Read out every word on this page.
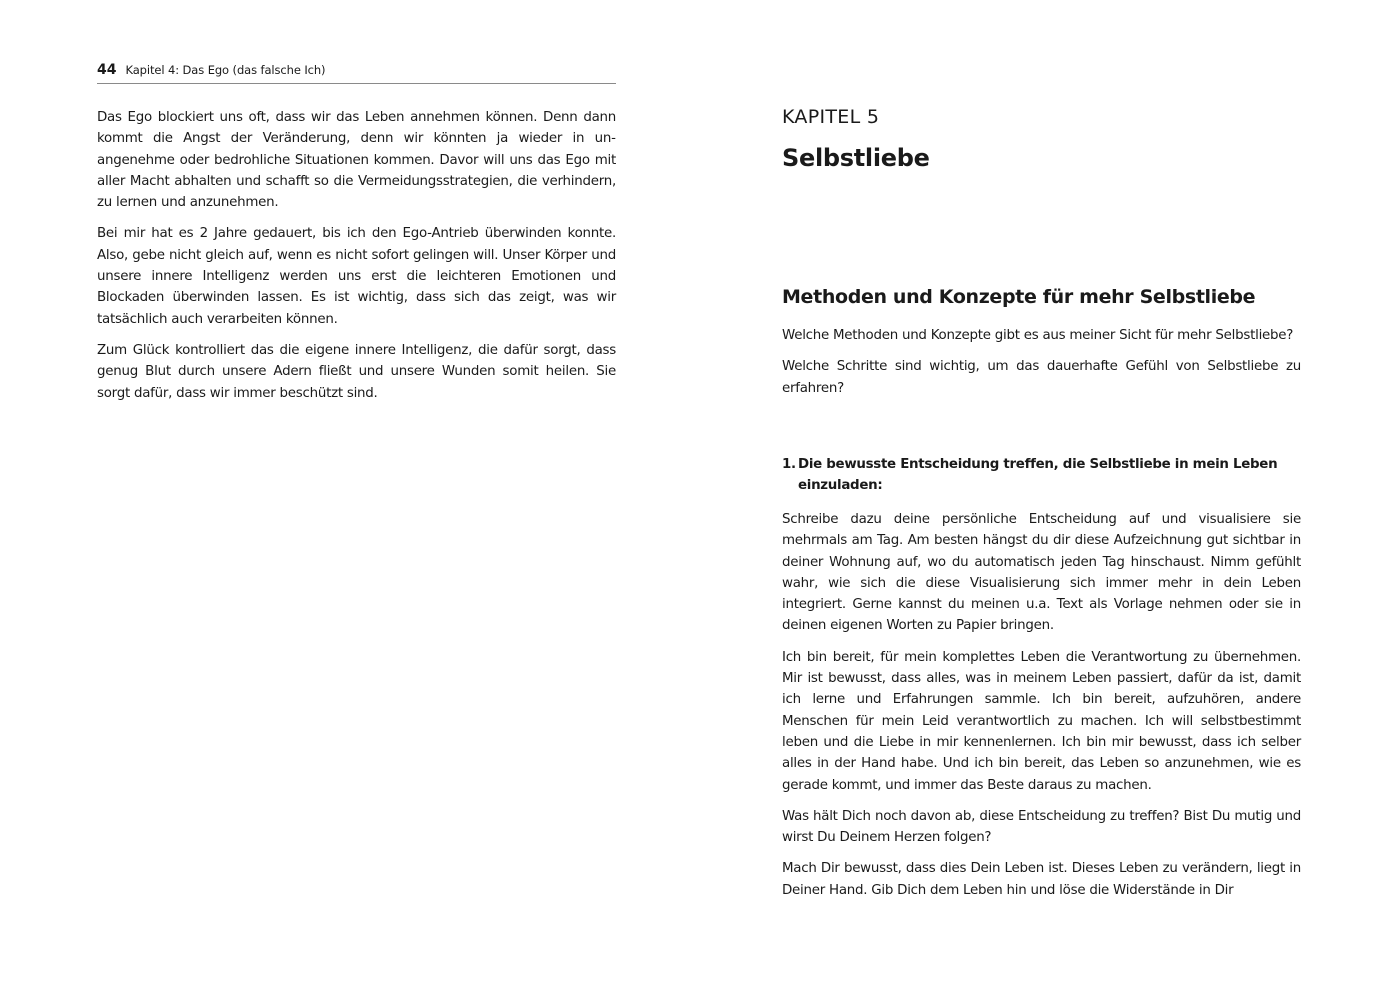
44 Kapitel 4: Das Ego (das falsche Ich)

Das Ego blockiert uns oft, dass wir das Leben annehmen können. Denn dann kommt die Angst der Veränderung, denn wir könnten ja wieder in unangenehme oder bedrohliche Situationen kommen. Davor will uns das Ego mit aller Macht abhalten und schafft so die Vermeidungsstrategien, die verhindern, zu lernen und anzunehmen.

Bei mir hat es 2 Jahre gedauert, bis ich den Ego-Antrieb überwinden konnte. Also, gebe nicht gleich auf, wenn es nicht sofort gelingen will. Unser Körper und unsere innere Intelligenz werden uns erst die leichteren Emotionen und Blockaden überwinden lassen. Es ist wichtig, dass sich das zeigt, was wir tatsächlich auch verarbeiten können.

Zum Glück kontrolliert das die eigene innere Intelligenz, die dafür sorgt, dass genug Blut durch unsere Adern fließt und unsere Wunden somit heilen. Sie sorgt dafür, dass wir immer beschützt sind.

KAPITEL 5
Selbstliebe
Methoden und Konzepte für mehr Selbstliebe

Welche Methoden und Konzepte gibt es aus meiner Sicht für mehr Selbstliebe?

Welche Schritte sind wichtig, um das dauerhafte Gefühl von Selbstliebe zu erfahren?

1. Die bewusste Entscheidung treffen, die Selbstliebe in mein Leben einzuladen:

Schreibe dazu deine persönliche Entscheidung auf und visualisiere sie mehrmals am Tag. Am besten hängst du dir diese Aufzeichnung gut sichtbar in deiner Wohnung auf, wo du automatisch jeden Tag hinschaust. Nimm gefühlt wahr, wie sich die diese Visualisierung sich immer mehr in dein Leben integriert. Gerne kannst du meinen u.a. Text als Vorlage nehmen oder sie in deinen eigenen Worten zu Papier bringen.

Ich bin bereit, für mein komplettes Leben die Verantwortung zu übernehmen. Mir ist bewusst, dass alles, was in meinem Leben passiert, dafür da ist, damit ich lerne und Erfahrungen sammle. Ich bin bereit, aufzuhören, andere Menschen für mein Leid verantwortlich zu machen. Ich will selbstbestimmt leben und die Liebe in mir kennenlernen. Ich bin mir bewusst, dass ich selber alles in der Hand habe. Und ich bin bereit, das Leben so anzunehmen, wie es gerade kommt, und immer das Beste daraus zu machen.

Was hält Dich noch davon ab, diese Entscheidung zu treffen? Bist Du mutig und wirst Du Deinem Herzen folgen?

Mach Dir bewusst, dass dies Dein Leben ist. Dieses Leben zu verändern, liegt in Deiner Hand. Gib Dich dem Leben hin und löse die Widerstände in Dir
